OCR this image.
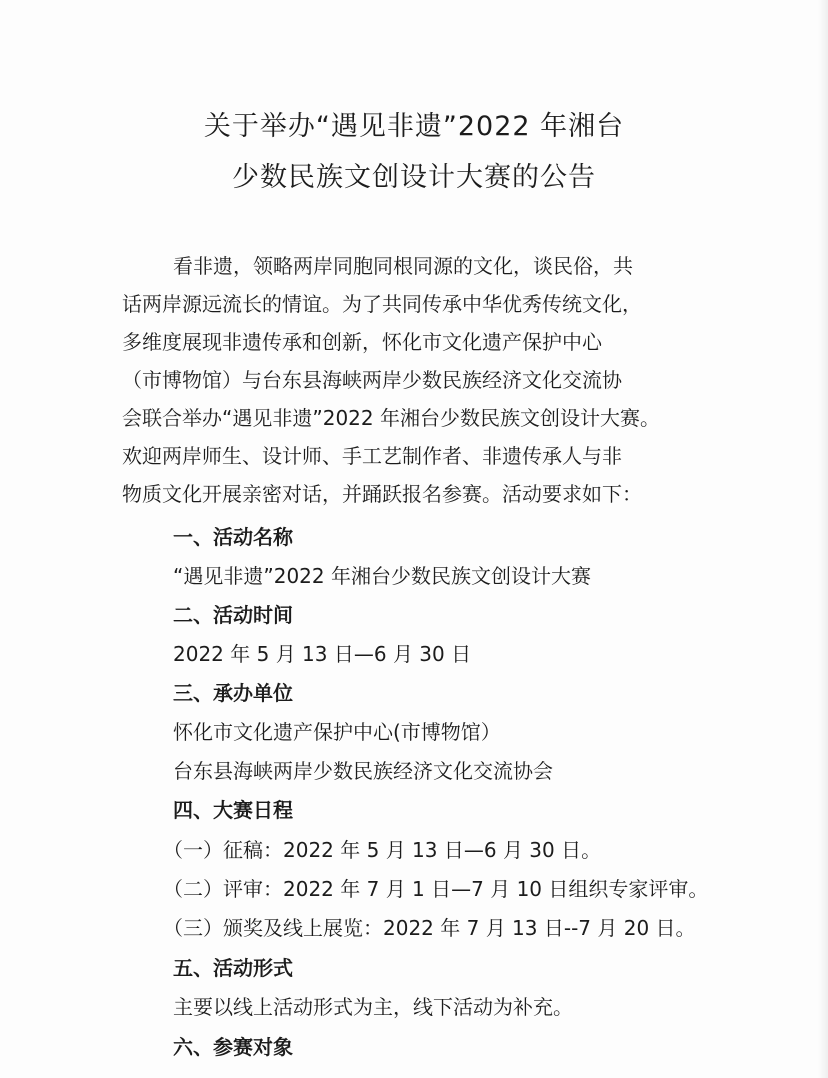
关于举办“遇见非遗”2022 年湘台
少数民族文创设计大赛的公告
看非遗，领略两岸同胞同根同源的文化，谈民俗，共
话两岸源远流长的情谊。为了共同传承中华优秀传统文化，
多维度展现非遗传承和创新，怀化市文化遗产保护中心
（市博物馆）与台东县海峡两岸少数民族经济文化交流协
会联合举办“遇见非遗”2022 年湘台少数民族文创设计大赛。
欢迎两岸师生、设计师、手工艺制作者、非遗传承人与非
物质文化开展亲密对话，并踊跃报名参赛。活动要求如下：
一、活动名称
“遇见非遗”2022 年湘台少数民族文创设计大赛
二、活动时间
2022 年 5 月 13 日—6 月 30 日
三、承办单位
怀化市文化遗产保护中心(市博物馆）
台东县海峡两岸少数民族经济文化交流协会
四、大赛日程
（一）征稿：2022 年 5 月 13 日—6 月 30 日。
（二）评审：2022 年 7 月 1 日—7 月 10 日组织专家评审。
（三）颁奖及线上展览：2022 年 7 月 13 日--7 月 20 日。
五、活动形式
主要以线上活动形式为主，线下活动为补充。
六、参赛对象
